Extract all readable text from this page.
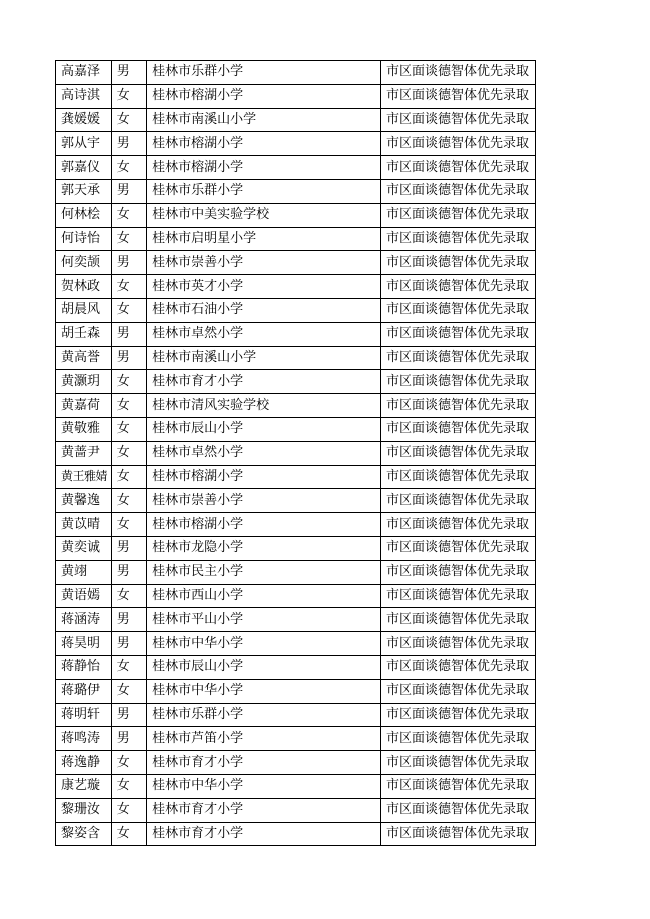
高嘉泽	男	桂林市乐群小学	市区面谈德智体优先录取
高诗淇	女	桂林市榕湖小学	市区面谈德智体优先录取
龚媛媛	女	桂林市南溪山小学	市区面谈德智体优先录取
郭从宇	男	桂林市榕湖小学	市区面谈德智体优先录取
郭嘉仪	女	桂林市榕湖小学	市区面谈德智体优先录取
郭天承	男	桂林市乐群小学	市区面谈德智体优先录取
何林桧	女	桂林市中美实验学校	市区面谈德智体优先录取
何诗怡	女	桂林市启明星小学	市区面谈德智体优先录取
何奕颉	男	桂林市崇善小学	市区面谈德智体优先录取
贺林政	女	桂林市英才小学	市区面谈德智体优先录取
胡晨风	女	桂林市石油小学	市区面谈德智体优先录取
胡壬森	男	桂林市卓然小学	市区面谈德智体优先录取
黄高誉	男	桂林市南溪山小学	市区面谈德智体优先录取
黄灏玥	女	桂林市育才小学	市区面谈德智体优先录取
黄嘉荷	女	桂林市清风实验学校	市区面谈德智体优先录取
黄敬雅	女	桂林市辰山小学	市区面谈德智体优先录取
黄蔷尹	女	桂林市卓然小学	市区面谈德智体优先录取
黄王雅婧	女	桂林市榕湖小学	市区面谈德智体优先录取
黄馨逸	女	桂林市崇善小学	市区面谈德智体优先录取
黄苡晴	女	桂林市榕湖小学	市区面谈德智体优先录取
黄奕诚	男	桂林市龙隐小学	市区面谈德智体优先录取
黄翊	男	桂林市民主小学	市区面谈德智体优先录取
黄语嫣	女	桂林市西山小学	市区面谈德智体优先录取
蒋涵涛	男	桂林市平山小学	市区面谈德智体优先录取
蒋昊明	男	桂林市中华小学	市区面谈德智体优先录取
蒋静怡	女	桂林市辰山小学	市区面谈德智体优先录取
蒋璐伊	女	桂林市中华小学	市区面谈德智体优先录取
蒋明轩	男	桂林市乐群小学	市区面谈德智体优先录取
蒋鸣涛	男	桂林市芦笛小学	市区面谈德智体优先录取
蒋逸静	女	桂林市育才小学	市区面谈德智体优先录取
康艺璇	女	桂林市中华小学	市区面谈德智体优先录取
黎珊汝	女	桂林市育才小学	市区面谈德智体优先录取
黎姿含	女	桂林市育才小学	市区面谈德智体优先录取
